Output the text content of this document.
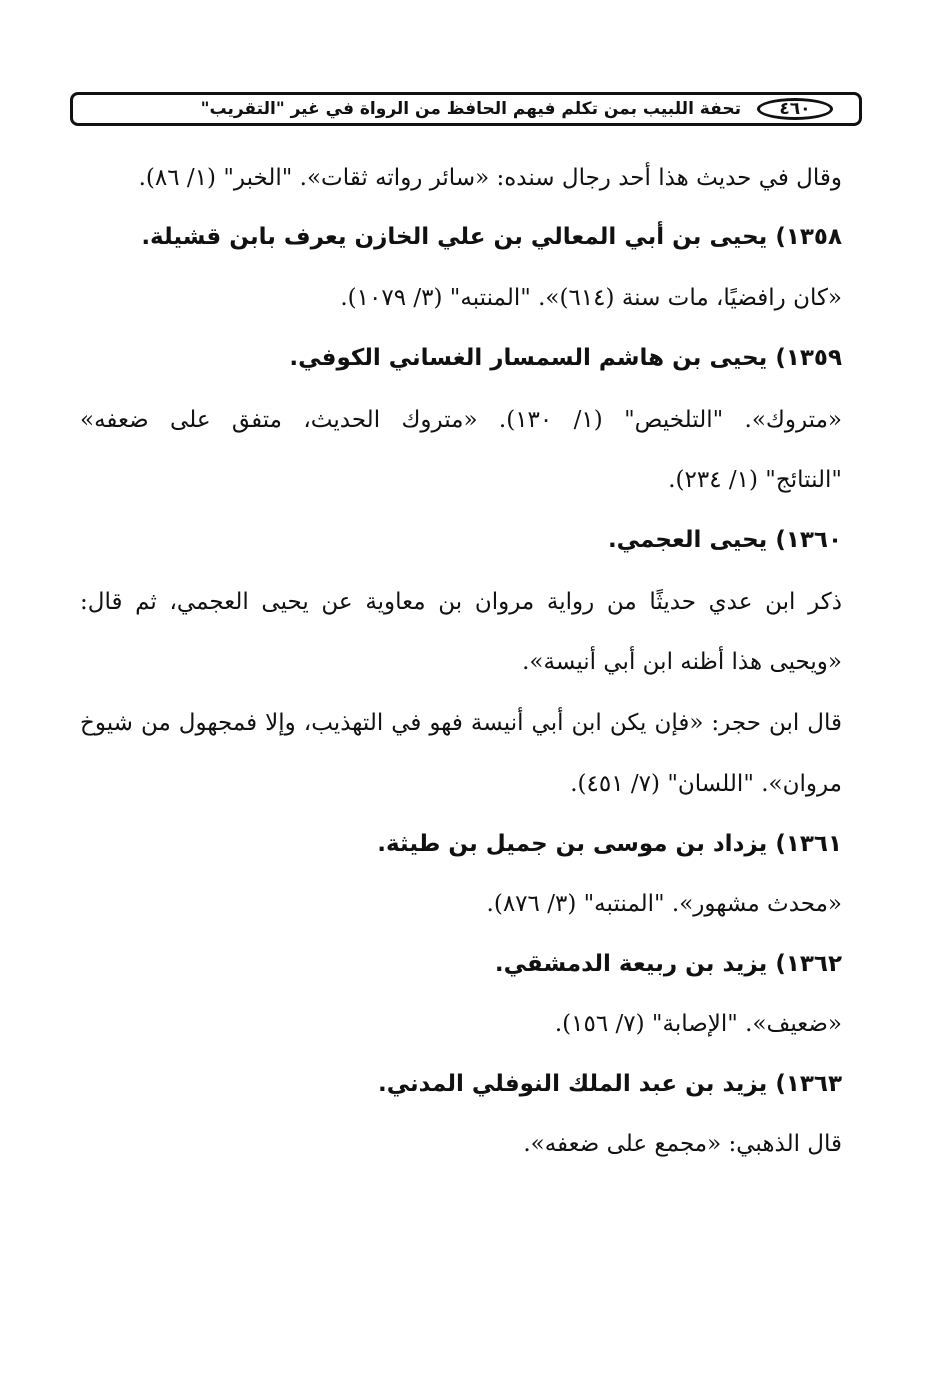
٤٦٠
تحفة اللبيب بمن تكلم فيهم الحافظ من الرواة في غير "التقريب"
وقال في حديث هذا أحد رجال سنده: «سائر رواته ثقات». "الخبر" (١/ ٨٦).
١٣٥٨) يحيى بن أبي المعالي بن علي الخازن يعرف بابن قشيلة.
«كان رافضيًا، مات سنة (٦١٤)». "المنتبه" (٣/ ١٠٧٩).
١٣٥٩) يحيى بن هاشم السمسار الغساني الكوفي.
«متروك». "التلخيص" (١/ ١٣٠). «متروك الحديث، متفق على ضعفه»
"النتائج" (١/ ٢٣٤).
١٣٦٠) يحيى العجمي.
ذكر ابن عدي حديثًا من رواية مروان بن معاوية عن يحيى العجمي، ثم قال:
«ويحيى هذا أظنه ابن أبي أنيسة».
قال ابن حجر: «فإن يكن ابن أبي أنيسة فهو في التهذيب، وإلا فمجهول من شيوخ
مروان». "اللسان" (٧/ ٤٥١).
١٣٦١) يزداد بن موسى بن جميل بن طيثة.
«محدث مشهور». "المنتبه" (٣/ ٨٧٦).
١٣٦٢) يزيد بن ربيعة الدمشقي.
«ضعيف». "الإصابة" (٧/ ١٥٦).
١٣٦٣) يزيد بن عبد الملك النوفلي المدني.
قال الذهبي: «مجمع على ضعفه».
